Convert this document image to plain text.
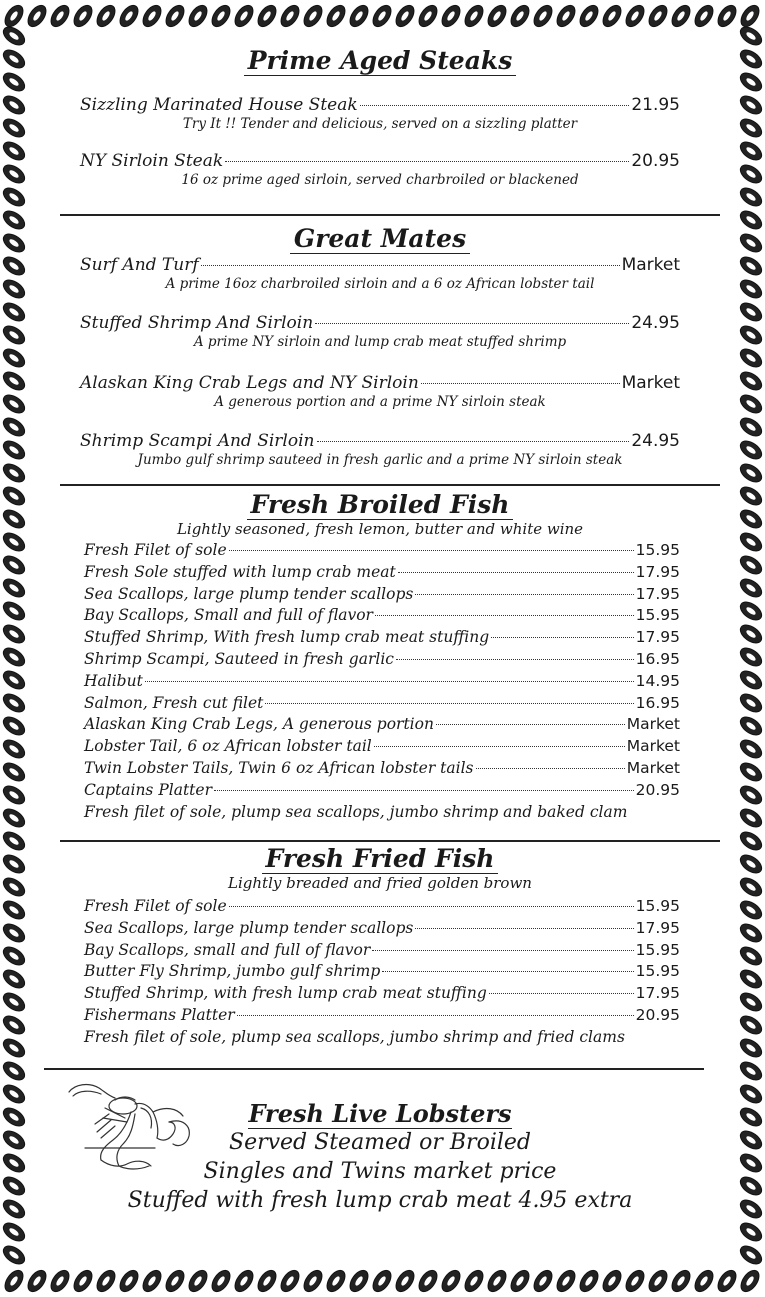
Prime Aged Steaks

Sizzling Marinated House Steak	21.95

Try It !! Tender and delicious, served on a sizzling platter

NY Sirloin Steak	20.95

16 oz prime aged sirloin, served charbroiled or blackened

Great Mates

Surf And Turf	Market

A prime 16oz charbroiled sirloin and a 6 oz African lobster tail

Stuffed Shrimp And Sirloin	24.95

A prime NY sirloin and lump crab meat stuffed shrimp

Alaskan King Crab Legs and NY Sirloin	Market

A generous portion and a prime NY sirloin steak

Shrimp Scampi And Sirloin	24.95

Jumbo gulf shrimp sauteed in fresh garlic and a prime NY sirloin steak

Fresh Broiled Fish

Lightly seasoned, fresh lemon, butter and white wine

Fresh Filet of sole	15.95
Fresh Sole stuffed with lump crab meat	17.95
Sea Scallops, large plump tender scallops	17.95
Bay Scallops, Small and full of flavor	15.95
Stuffed Shrimp, With fresh lump crab meat stuffing	17.95
Shrimp Scampi, Sauteed in fresh garlic	16.95
Halibut	14.95
Salmon, Fresh cut filet	16.95
Alaskan King Crab Legs, A generous portion	Market
Lobster Tail, 6 oz African lobster tail	Market
Twin Lobster Tails, Twin 6 oz African lobster tails	Market
Captains Platter	20.95
Fresh filet of sole, plump sea scallops, jumbo shrimp and baked clam

Fresh Fried Fish

Lightly breaded and fried golden brown

Fresh Filet of sole	15.95
Sea Scallops, large plump tender scallops	17.95
Bay Scallops, small and full of flavor	15.95
Butter Fly Shrimp, jumbo gulf shrimp	15.95
Stuffed Shrimp, with fresh lump crab meat stuffing	17.95
Fishermans Platter	20.95
Fresh filet of sole, plump sea scallops, jumbo shrimp and fried clams

Fresh Live Lobsters

Served Steamed or Broiled

Singles and Twins market price

Stuffed with fresh lump crab meat 4.95 extra
